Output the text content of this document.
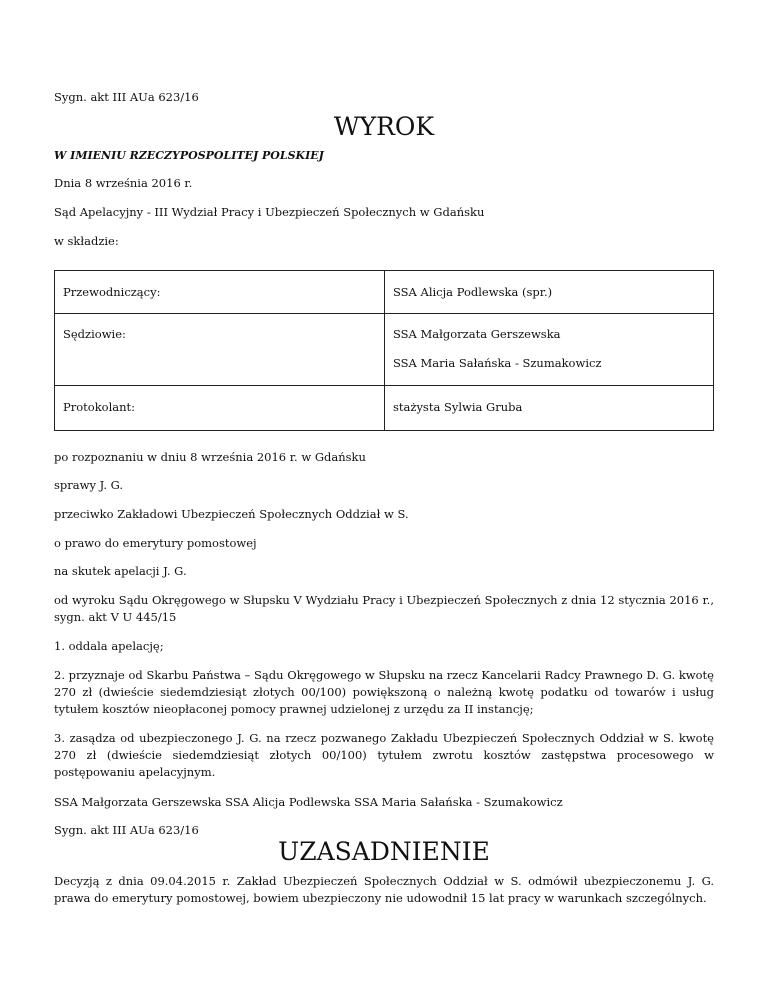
Sygn. akt III AUa 623/16

WYROK

W IMIENIU RZECZYPOSPOLITEJ POLSKIEJ

Dnia 8 września 2016 r.

Sąd Apelacyjny - III Wydział Pracy i Ubezpieczeń Społecznych w Gdańsku

w składzie:

Przewodniczący:	SSA Alicja Podlewska (spr.)
Sędziowie:	SSA Małgorzata Gerszewska
SSA Maria Sałańska - Szumakowicz

Protokolant:	stażysta Sylwia Gruba

po rozpoznaniu w dniu 8 września 2016 r. w Gdańsku

sprawy J. G.

przeciwko Zakładowi Ubezpieczeń Społecznych Oddział w S.

o prawo do emerytury pomostowej

na skutek apelacji J. G.

od wyroku Sądu Okręgowego w Słupsku V Wydziału Pracy i Ubezpieczeń Społecznych z dnia 12 stycznia 2016 r., sygn. akt V U 445/15

1. oddala apelację;

2. przyznaje od Skarbu Państwa – Sądu Okręgowego w Słupsku na rzecz Kancelarii Radcy Prawnego D. G. kwotę 270 zł (dwieście siedemdziesiąt złotych 00/100) powiększoną o należną kwotę podatku od towarów i usług tytułem kosztów nieopłaconej pomocy prawnej udzielonej z urzędu za II instancję;

3. zasądza od ubezpieczonego J. G. na rzecz pozwanego Zakładu Ubezpieczeń Społecznych Oddział w S. kwotę 270 zł (dwieście siedemdziesiąt złotych 00/100) tytułem zwrotu kosztów zastępstwa procesowego w postępowaniu apelacyjnym.

SSA Małgorzata Gerszewska SSA Alicja Podlewska SSA Maria Sałańska - Szumakowicz

Sygn. akt III AUa 623/16

UZASADNIENIE

Decyzją z dnia 09.04.2015 r. Zakład Ubezpieczeń Społecznych Oddział w S. odmówił ubezpieczonemu J. G. prawa do emerytury pomostowej, bowiem ubezpieczony nie udowodnił 15 lat pracy w warunkach szczególnych.
